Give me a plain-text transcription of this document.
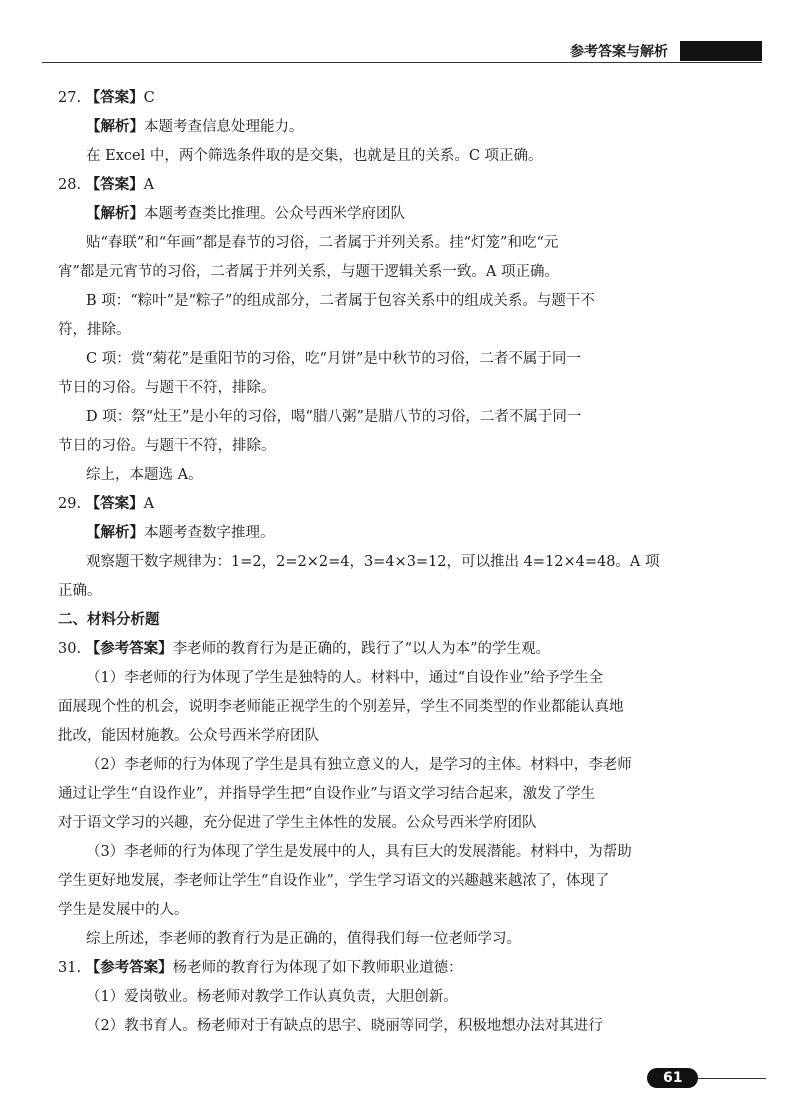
参考答案与解析
27. 【答案】C
【解析】本题考查信息处理能力。
在 Excel 中，两个筛选条件取的是交集，也就是且的关系。C 项正确。
28. 【答案】A
【解析】本题考查类比推理。公众号西米学府团队
贴“春联”和“年画”都是春节的习俗，二者属于并列关系。挂“灯笼”和吃“元
宵”都是元宵节的习俗，二者属于并列关系，与题干逻辑关系一致。A 项正确。
B 项：“粽叶”是“粽子”的组成部分，二者属于包容关系中的组成关系。与题干不
符，排除。
C 项：赏“菊花”是重阳节的习俗，吃“月饼”是中秋节的习俗，二者不属于同一
节日的习俗。与题干不符，排除。
D 项：祭“灶王”是小年的习俗，喝“腊八粥”是腊八节的习俗，二者不属于同一
节日的习俗。与题干不符，排除。
综上，本题选 A。
29. 【答案】A
【解析】本题考查数字推理。
观察题干数字规律为：1=2，2=2×2=4，3=4×3=12，可以推出 4=12×4=48。A 项
正确。
二、材料分析题
30. 【参考答案】李老师的教育行为是正确的，践行了“以人为本”的学生观。
（1）李老师的行为体现了学生是独特的人。材料中，通过“自设作业”给予学生全
面展现个性的机会，说明李老师能正视学生的个别差异，学生不同类型的作业都能认真地
批改，能因材施教。公众号西米学府团队
（2）李老师的行为体现了学生是具有独立意义的人，是学习的主体。材料中，李老师
通过让学生“自设作业”，并指导学生把“自设作业”与语文学习结合起来，激发了学生
对于语文学习的兴趣，充分促进了学生主体性的发展。公众号西米学府团队
（3）李老师的行为体现了学生是发展中的人，具有巨大的发展潜能。材料中，为帮助
学生更好地发展，李老师让学生“自设作业”，学生学习语文的兴趣越来越浓了，体现了
学生是发展中的人。
综上所述，李老师的教育行为是正确的，值得我们每一位老师学习。
31. 【参考答案】杨老师的教育行为体现了如下教师职业道德：
（1）爱岗敬业。杨老师对教学工作认真负责，大胆创新。
（2）教书育人。杨老师对于有缺点的思宇、晓丽等同学，积极地想办法对其进行
61
